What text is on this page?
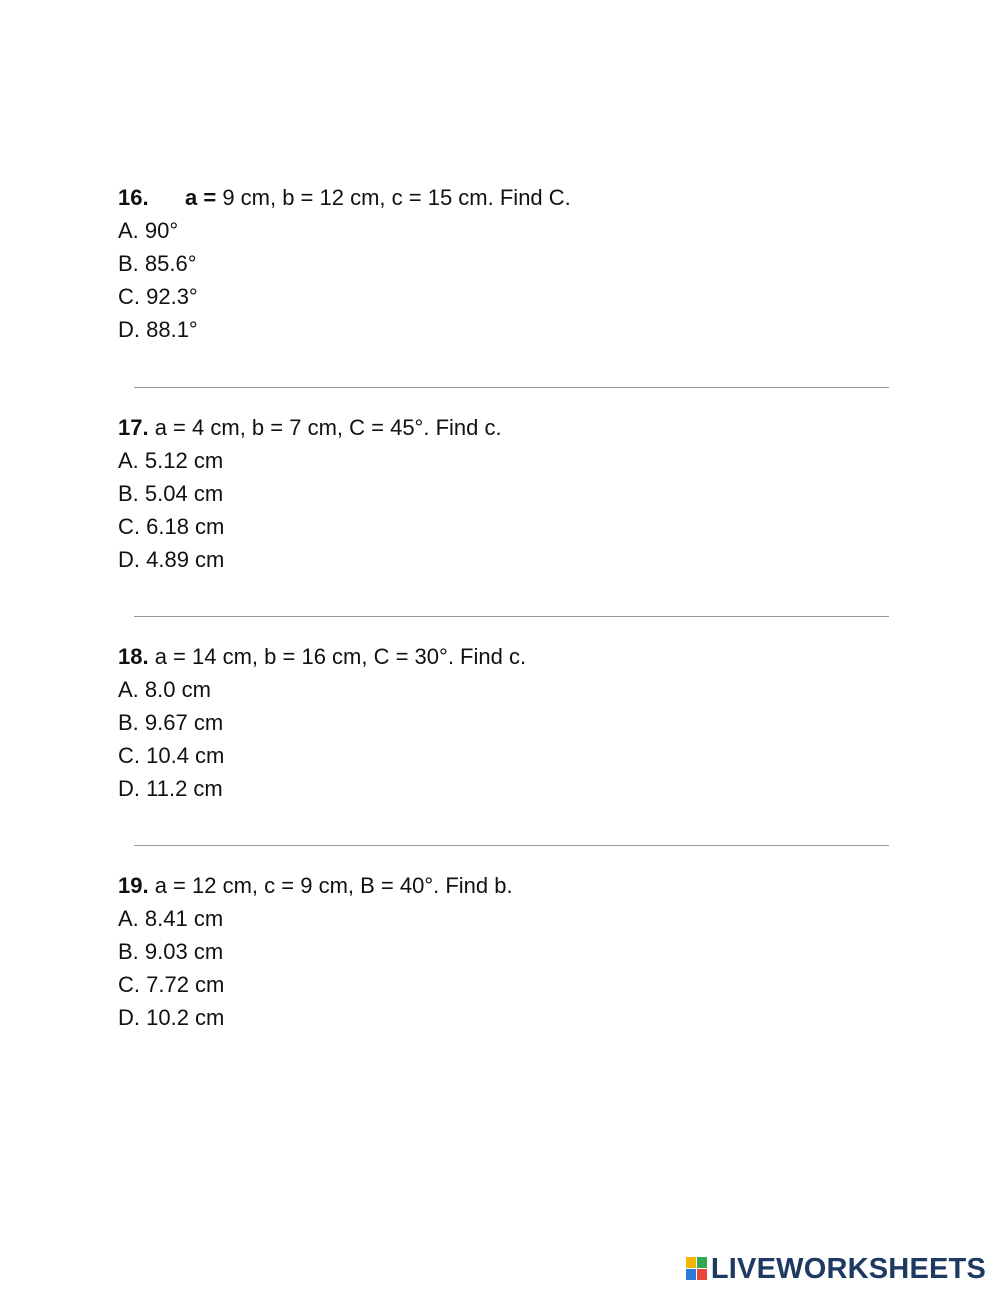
16. a = 9 cm, b = 12 cm, c = 15 cm. Find C.
A. 90°
B. 85.6°
C. 92.3°
D. 88.1°
17. a = 4 cm, b = 7 cm, C = 45°. Find c.
A. 5.12 cm
B. 5.04 cm
C. 6.18 cm
D. 4.89 cm
18. a = 14 cm, b = 16 cm, C = 30°. Find c.
A. 8.0 cm
B. 9.67 cm
C. 10.4 cm
D. 11.2 cm
19. a = 12 cm, c = 9 cm, B = 40°. Find b.
A. 8.41 cm
B. 9.03 cm
C. 7.72 cm
D. 10.2 cm
LIVEWORKSHEETS
